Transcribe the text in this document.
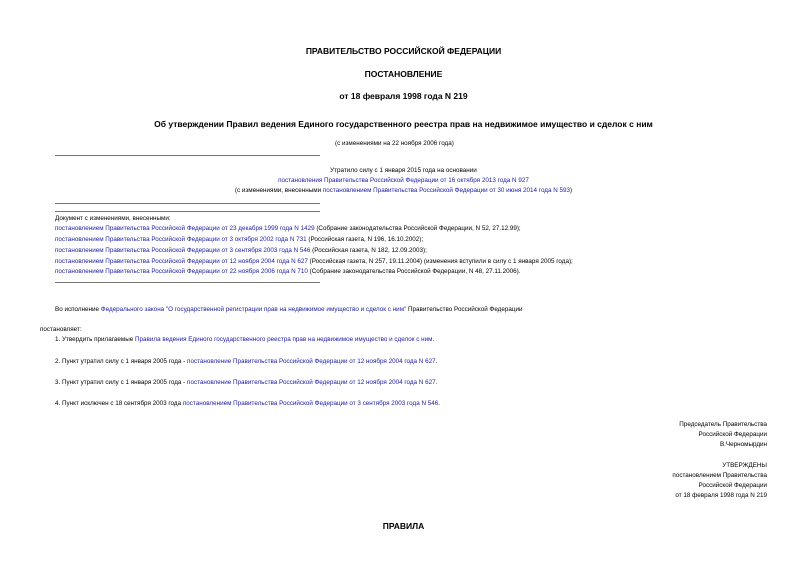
ПРАВИТЕЛЬСТВО РОССИЙСКОЙ ФЕДЕРАЦИИ
ПОСТАНОВЛЕНИЕ
от 18 февраля 1998 года N 219
Об утверждении Правил ведения Единого государственного реестра прав на недвижимое имущество и сделок с ним
(с изменениями на 22 ноября 2006 года)
Утратило силу с 1 января 2015 года на основании
постановления Правительства Российской Федерации от 16 октября 2013 года N 927
(с изменениями, внесенными постановлением Правительства Российской Федерации от 30 июня 2014 года N 593)
Документ с изменениями, внесенными:
постановлением Правительства Российской Федерации от 23 декабря 1999 года N 1429 (Собрание законодательства Российской Федерации, N 52, 27.12.99);
постановлением Правительства Российской Федерации от 3 октября 2002 года N 731 (Российская газета, N 196, 16.10.2002);
постановлением Правительства Российской Федерации от 3 сентября 2003 года N 546 (Российская газета, N 182, 12.09.2003);
постановлением Правительства Российской Федерации от 12 ноября 2004 года N 627 (Российская газета, N 257, 19.11.2004) (изменения вступили в силу с 1 января 2005 года);
постановлением Правительства Российской Федерации от 22 ноября 2006 года N 710 (Собрание законодательства Российской Федерации, N 48, 27.11.2006).
Во исполнение Федерального закона "О государственной регистрации прав на недвижимое имущество и сделок с ним" Правительство Российской Федерации
постановляет:
1. Утвердить прилагаемые Правила ведения Единого государственного реестра прав на недвижимое имущество и сделок с ним.
2. Пункт утратил силу с 1 января 2005 года - постановление Правительства Российской Федерации от 12 ноября 2004 года N 627.
3. Пункт утратил силу с 1 января 2005 года - постановление Правительства Российской Федерации от 12 ноября 2004 года N 627.
4. Пункт исключен с 18 сентября 2003 года постановлением Правительства Российской Федерации от 3 сентября 2003 года N 546.
Председатель Правительства
Российской Федерации
В.Черномырдин
УТВЕРЖДЕНЫ
постановлением Правительства
Российской Федерации
от 18 февраля 1998 года N 219
ПРАВИЛА
